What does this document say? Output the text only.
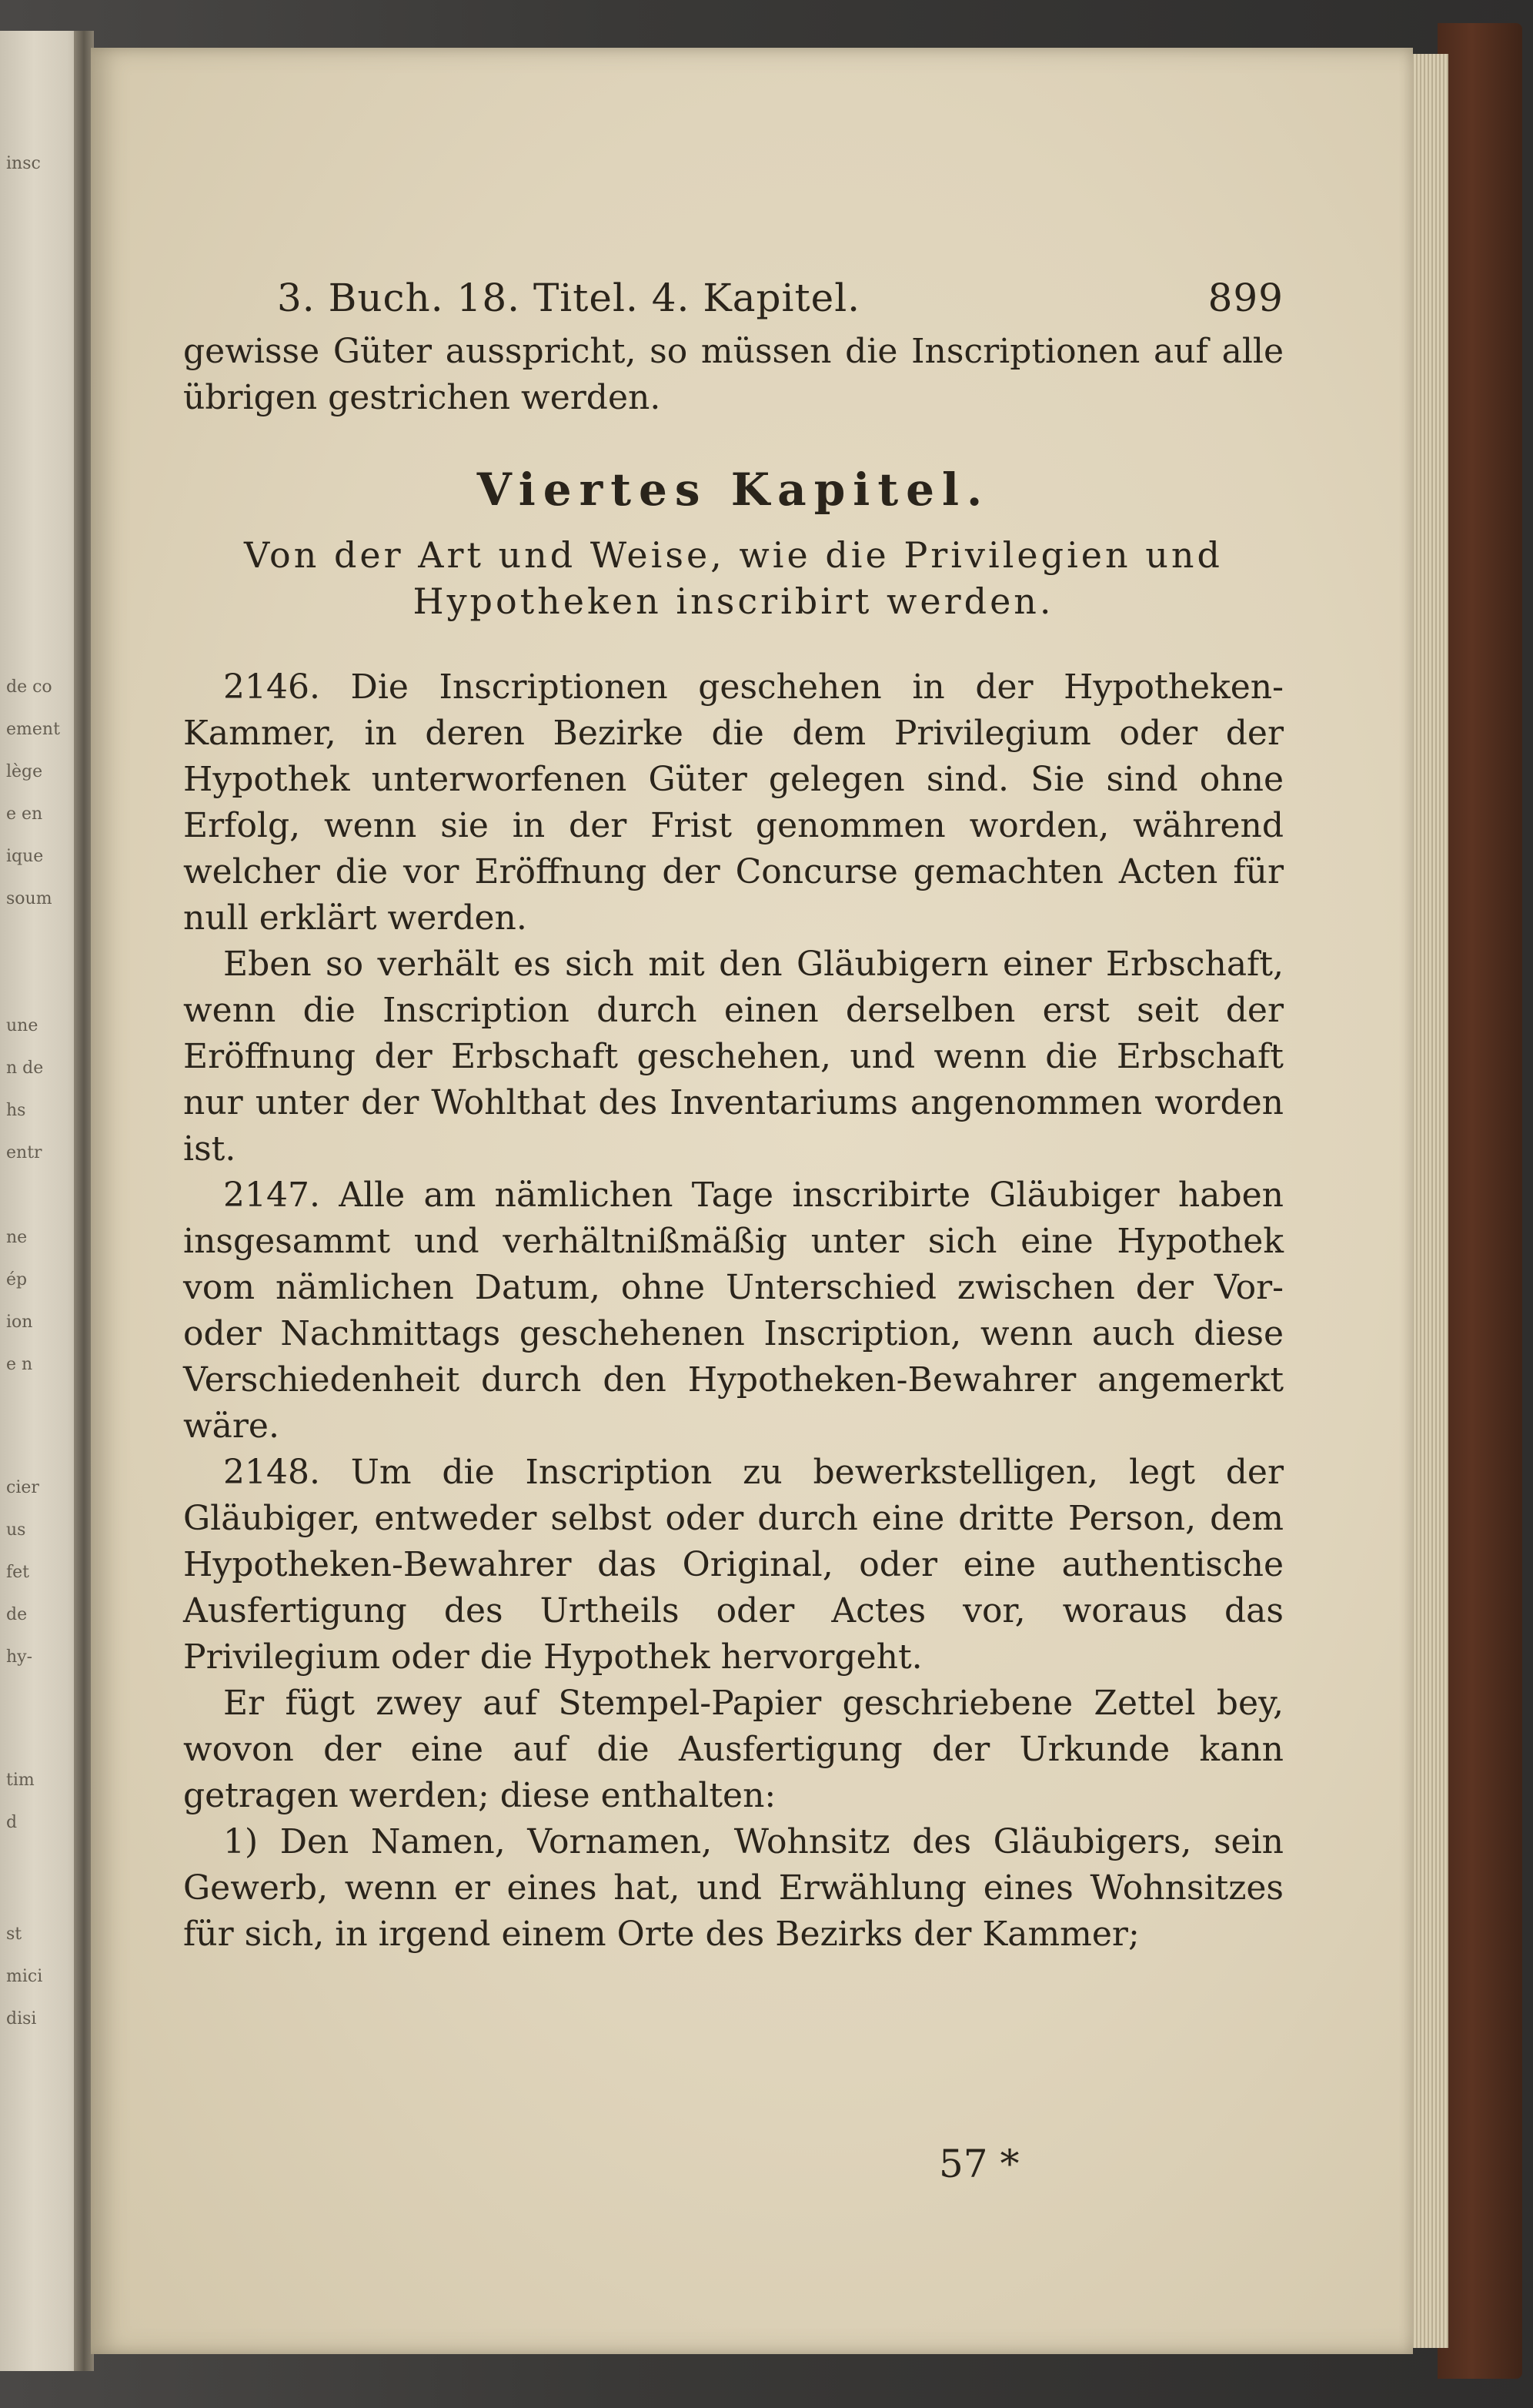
insc
de co
ement
lège
e en
ique
soum
une
n de
hs
entr
ne
ép
ion
e n
cier
us
fet
de
hy-
tim
d
st
mici
disi
3. Buch. 18. Titel. 4. Kapitel.	899

gewisse Güter ausspricht, so müssen die Inscriptionen auf alle übrigen gestrichen werden.

Viertes Kapitel.
Von der Art und Weise, wie die Privilegien und
Hypotheken inscribirt werden.

2146. Die Inscriptionen geschehen in der Hypotheken-Kammer, in deren Bezirke die dem Privilegium oder der Hypothek unterworfenen Güter gelegen sind. Sie sind ohne Erfolg, wenn sie in der Frist genommen worden, während welcher die vor Eröffnung der Concurse gemachten Acten für null erklärt werden.

Eben so verhält es sich mit den Gläubigern einer Erbschaft, wenn die Inscription durch einen derselben erst seit der Eröffnung der Erbschaft geschehen, und wenn die Erbschaft nur unter der Wohlthat des Inventariums angenommen worden ist.

2147. Alle am nämlichen Tage inscribirte Gläubiger haben insgesammt und verhältnißmäßig unter sich eine Hypothek vom nämlichen Datum, ohne Unterschied zwischen der Vor- oder Nachmittags geschehenen Inscription, wenn auch diese Verschiedenheit durch den Hypotheken-Bewahrer angemerkt wäre.

2148. Um die Inscription zu bewerkstelligen, legt der Gläubiger, entweder selbst oder durch eine dritte Person, dem Hypotheken-Bewahrer das Original, oder eine authentische Ausfertigung des Urtheils oder Actes vor, woraus das Privilegium oder die Hypothek hervorgeht.

Er fügt zwey auf Stempel-Papier geschriebene Zettel bey, wovon der eine auf die Ausfertigung der Urkunde kann getragen werden; diese enthalten:

1) Den Namen, Vornamen, Wohnsitz des Gläubigers, sein Gewerb, wenn er eines hat, und Erwählung eines Wohnsitzes für sich, in irgend einem Orte des Bezirks der Kammer;

57 *
